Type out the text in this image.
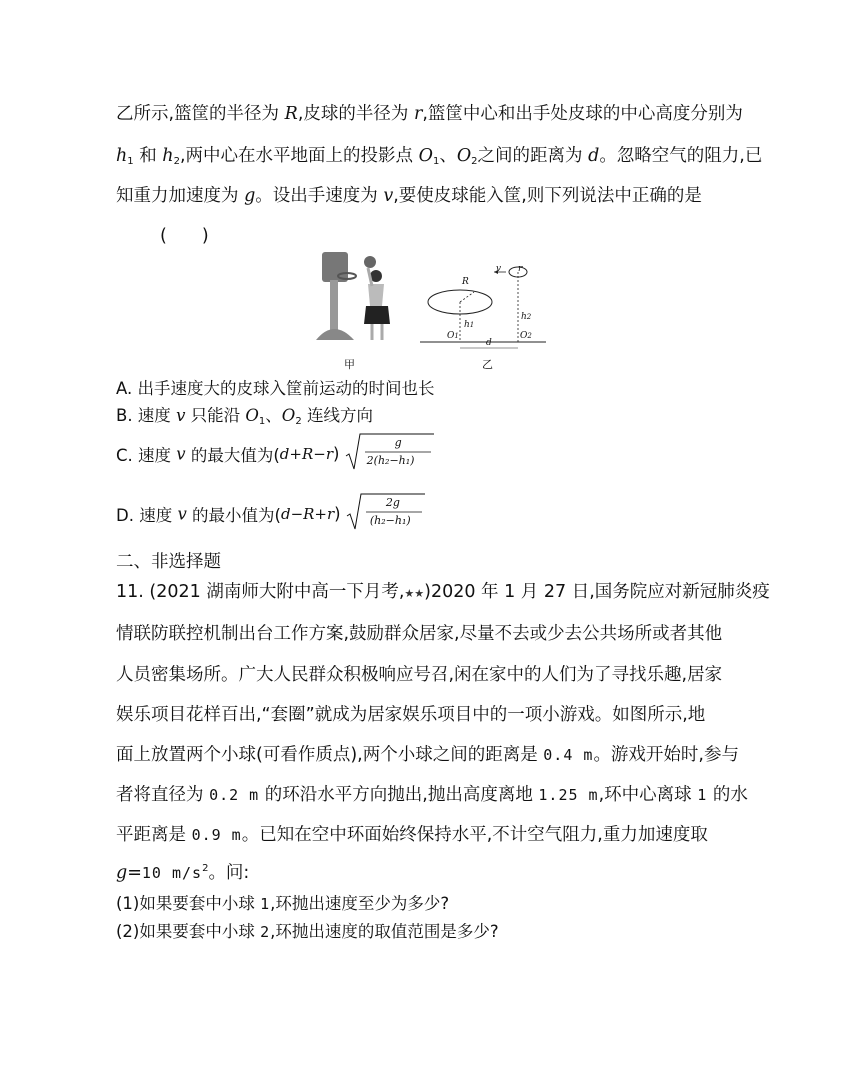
乙所示,篮筐的半径为 R,皮球的半径为 r,篮筐中心和出手处皮球的中心高度分别为
$h_1$ 和 $h_2$,两中心在水平地面上的投影点 $O_1$、$O_2$之间的距离为 d。忽略空气的阻力,已
知重力加速度为 g。设出手速度为 v,要使皮球能入筐,则下列说法中正确的是
(　　)
甲
R
r
v
h1
h2
O1	O2
d
乙
A. 出手速度大的皮球入筐前运动的时间也长
B. 速度 v 只能沿 $O_1$、$O_2$ 连线方向
C. 速度 v 的最大值为(d+R−r)
g
2(h₂−h₁)
D. 速度 v 的最小值为(d−R+r)
2g
(h₂−h₁)
二、非选择题
11. (2021 湖南师大附中高一下月考,★★)2020 年 1 月 27 日,国务院应对新冠肺炎疫
情联防联控机制出台工作方案,鼓励群众居家,尽量不去或少去公共场所或者其他
人员密集场所。广大人民群众积极响应号召,闲在家中的人们为了寻找乐趣,居家
娱乐项目花样百出,“套圈”就成为居家娱乐项目中的一项小游戏。如图所示,地
面上放置两个小球(可看作质点),两个小球之间的距离是 0.4 m。游戏开始时,参与
者将直径为 0.2 m 的环沿水平方向抛出,抛出高度离地 1.25 m,环中心离球 1 的水
平距离是 0.9 m。已知在空中环面始终保持水平,不计空气阻力,重力加速度取
g=10 $m/s^2$。问:
(1)如果要套中小球 1,环抛出速度至少为多少?
(2)如果要套中小球 2,环抛出速度的取值范围是多少?
